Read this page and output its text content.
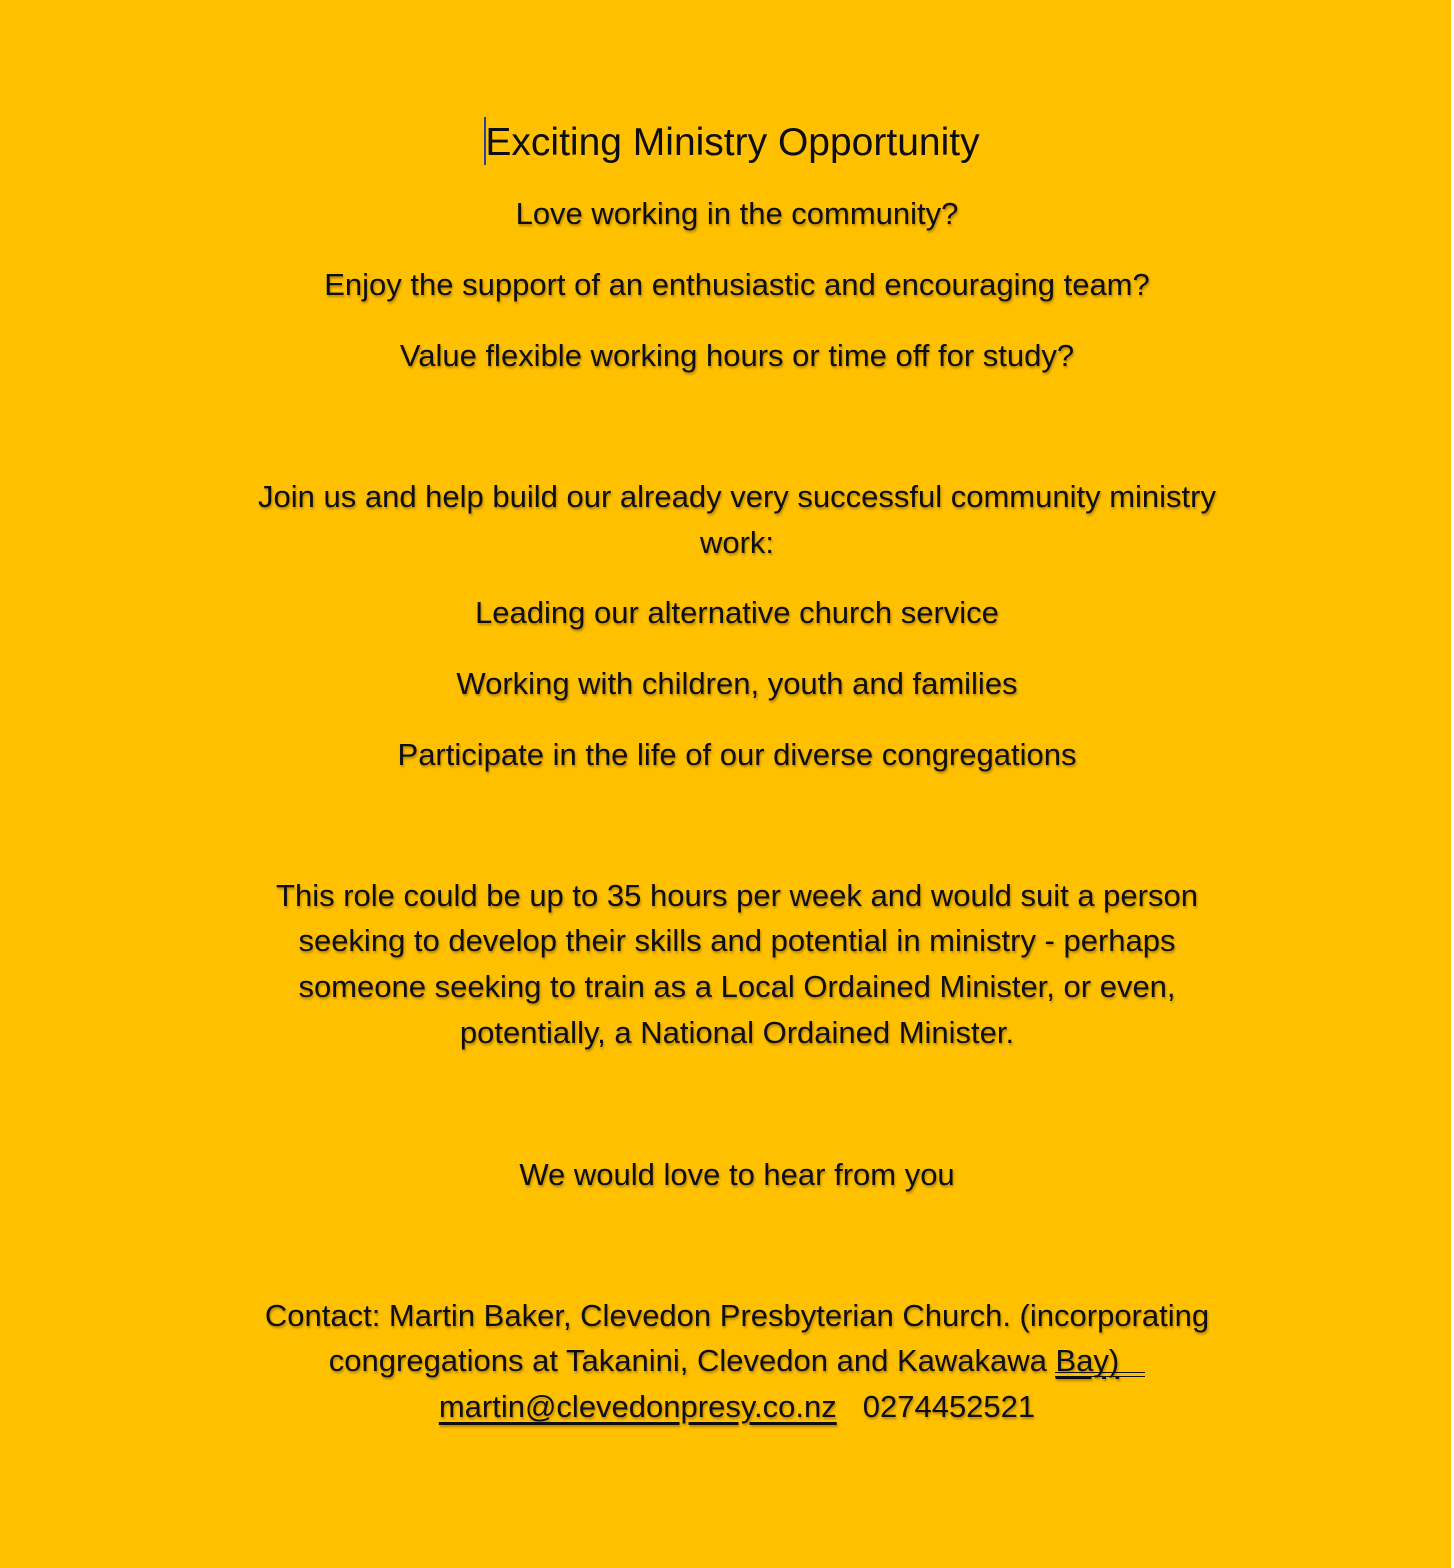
Exciting Ministry Opportunity
Love working in the community?
Enjoy the support of an enthusiastic and encouraging team?
Value flexible working hours or time off for study?
Join us and help build our already very successful community ministry
work:
Leading our alternative church service
Working with children, youth and families
Participate in the life of our diverse congregations
This role could be up to 35 hours per week and would suit a person
seeking to develop their skills and potential in ministry - perhaps
someone seeking to train as a Local Ordained Minister, or even,
potentially, a National Ordained Minister.
We would love to hear from you
Contact: Martin Baker, Clevedon Presbyterian Church. (incorporating
congregations at Takanini, Clevedon and Kawakawa Bay)
martin@clevedonpresy.co.nz 0274452521
